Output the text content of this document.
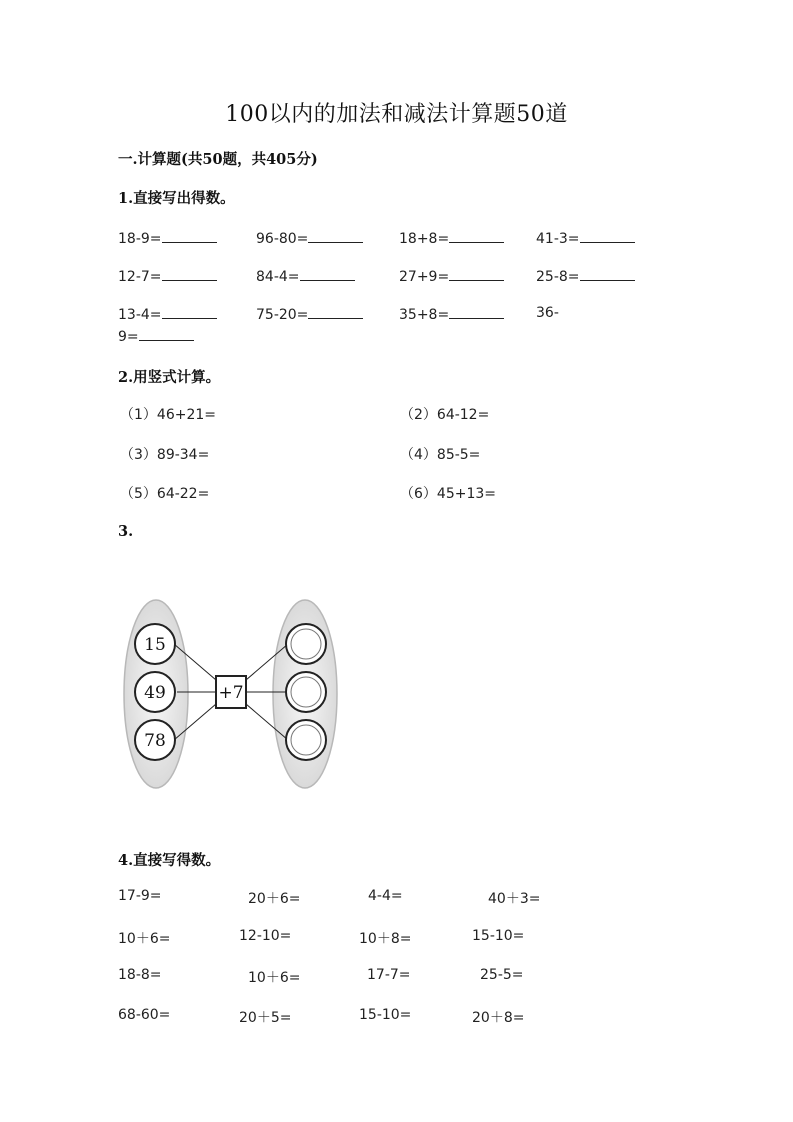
100以内的加法和减法计算题50道
一.计算题(共50题，共405分)
1.直接写出得数。
18-9=	96-80=	18+8=	41-3=
12-7=	84-4=	27+9=	25-8=
13-4=	75-20=	35+8=	36-
9=
2.用竖式计算。
（1）46+21=	（2）64-12=
（3）89-34=	（4）85-5=
（5）64-22=	（6）45+13=
3.
15
49
78
+7
4.直接写得数。
17-9=	20＋6=	4-4=	40＋3=
10＋6=	12-10=	10＋8=	15-10=
18-8=	10＋6=	17-7=	25-5=
68-60=	20＋5=	15-10=	20＋8=
